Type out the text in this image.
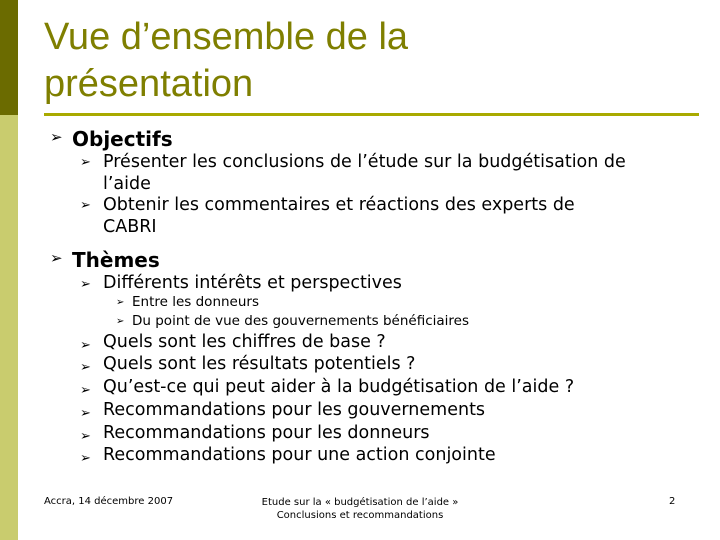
Vue d’ensemble de la
présentation
➢ Objectifs
➢ Présenter les conclusions de l’étude sur la budgétisation de
l’aide
➢ Obtenir les commentaires et réactions des experts de
CABRI
➢ Thèmes
➢ Différents intérêts et perspectives
➢ Entre les donneurs
➢ Du point de vue des gouvernements bénéficiaires
➢ Quels sont les chiffres de base ?
➢ Quels sont les résultats potentiels ?
➢ Qu’est-ce qui peut aider à la budgétisation de l’aide ?
➢ Recommandations pour les gouvernements
➢ Recommandations pour les donneurs
➢ Recommandations pour une action conjointe
Accra, 14 décembre 2007	Etude sur la « budgétisation de l’aide »
Conclusions et recommandations
2
